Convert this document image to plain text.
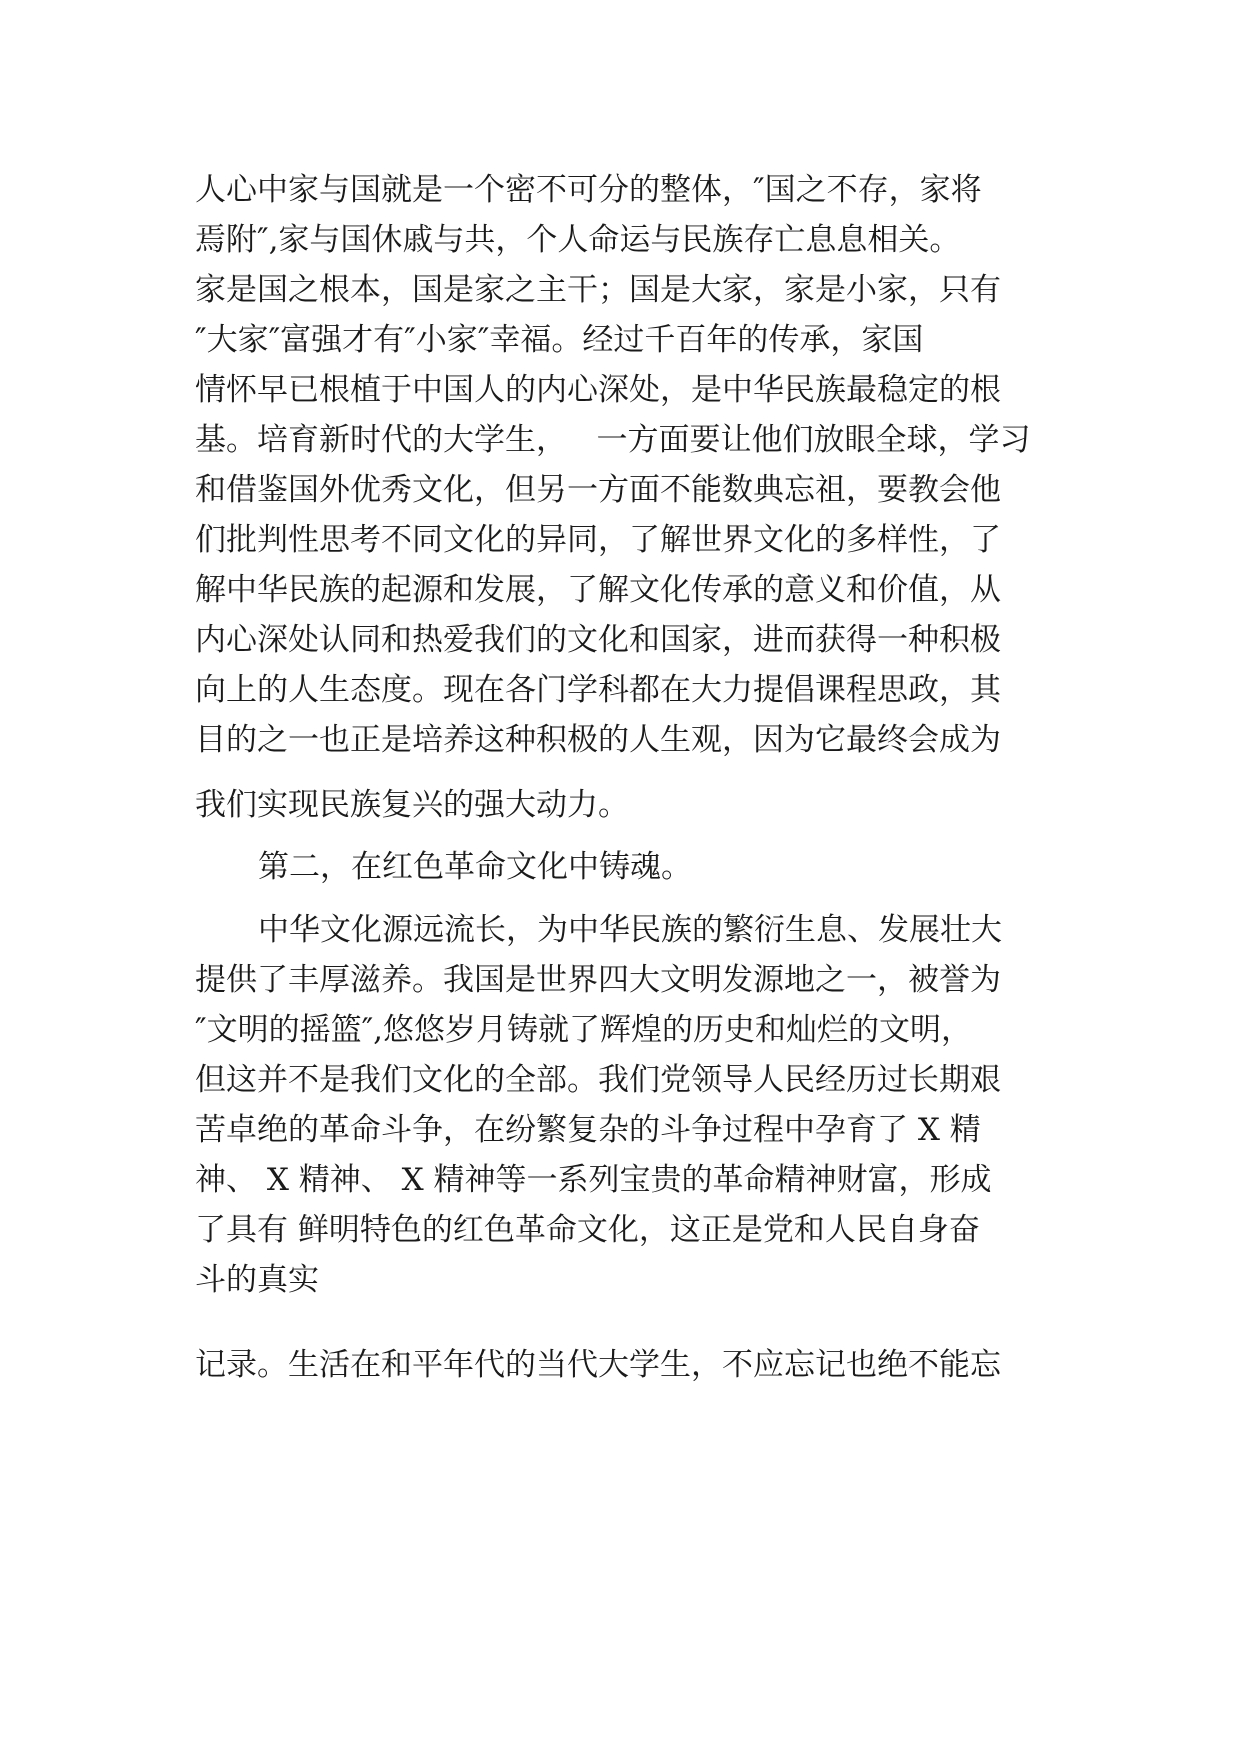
人心中家与国就是一个密不可分的整体，″国之不存，家将
焉附″,家与国休戚与共，个人命运与民族存亡息息相关。
家是国之根本，国是家之主干；国是大家，家是小家，只有
″大家″富强才有″小家″幸福。经过千百年的传承，家国
情怀早已根植于中国人的内心深处，是中华民族最稳定的根
基。培育新时代的大学生，   一方面要让他们放眼全球，学习
和借鉴国外优秀文化，但另一方面不能数典忘祖，要教会他
们批判性思考不同文化的异同，了解世界文化的多样性，了
解中华民族的起源和发展，了解文化传承的意义和价值，从
内心深处认同和热爱我们的文化和国家，进而获得一种积极
向上的人生态度。现在各门学科都在大力提倡课程思政，其
目的之一也正是培养这种积极的人生观，因为它最终会成为
我们实现民族复兴的强大动力。
第二，在红色革命文化中铸魂。
中华文化源远流长，为中华民族的繁衍生息、发展壮大
提供了丰厚滋养。我国是世界四大文明发源地之一，被誉为
″文明的摇篮″,悠悠岁月铸就了辉煌的历史和灿烂的文明，
但这并不是我们文化的全部。我们党领导人民经历过长期艰
苦卓绝的革命斗争，在纷繁复杂的斗争过程中孕育了 X 精
神、 X 精神、 X 精神等一系列宝贵的革命精神财富，形成
了具有 鲜明特色的红色革命文化，这正是党和人民自身奋
斗的真实
记录。生活在和平年代的当代大学生，不应忘记也绝不能忘
